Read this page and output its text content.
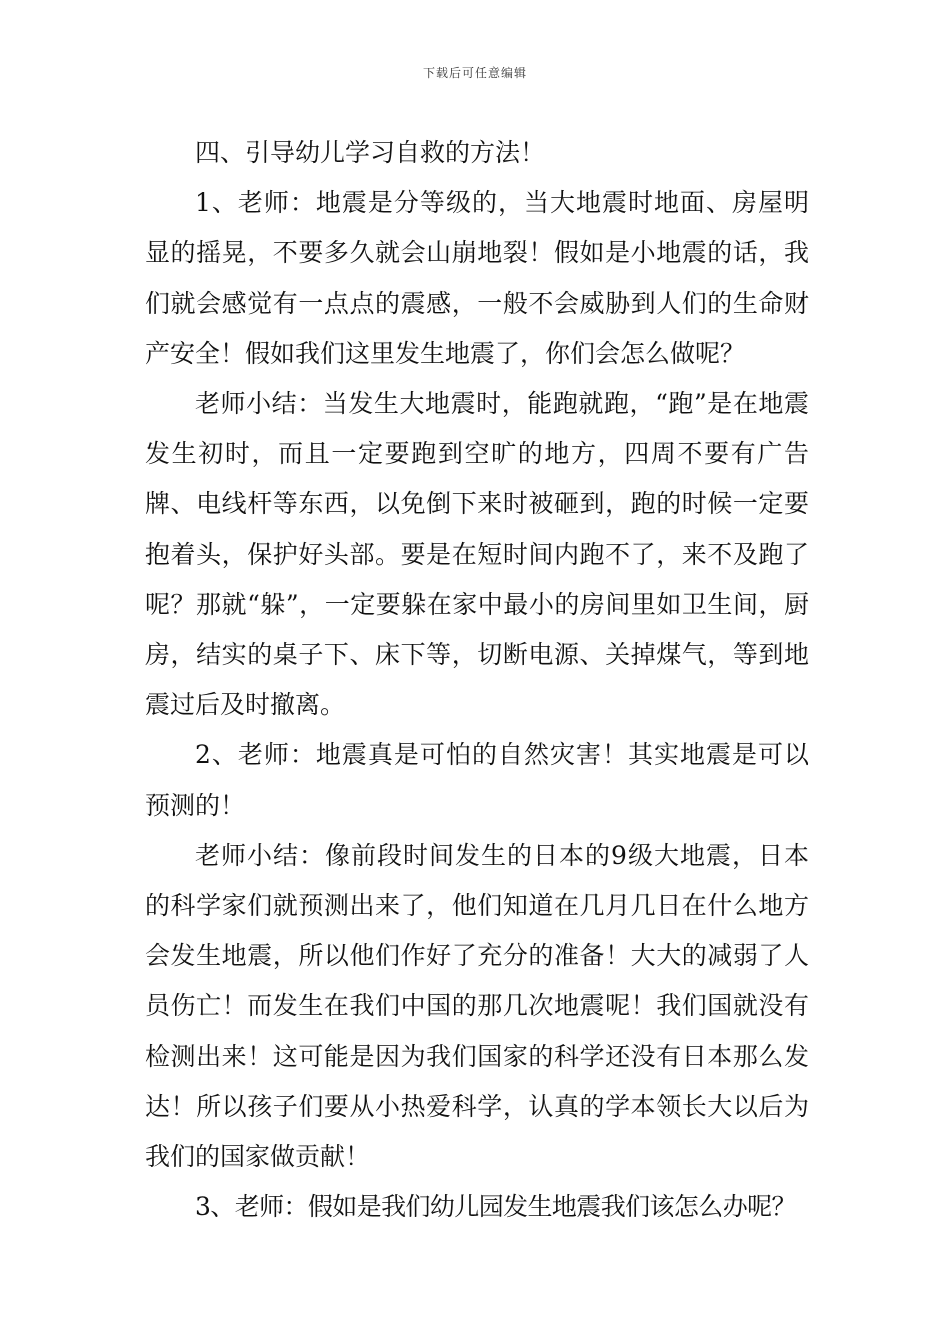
下载后可任意编辑

四、引导幼儿学习自救的方法！

1、老师：地震是分等级的，当大地震时地面、房屋明显的摇晃，不要多久就会山崩地裂！假如是小地震的话，我们就会感觉有一点点的震感，一般不会威胁到人们的生命财产安全！假如我们这里发生地震了，你们会怎么做呢？

老师小结：当发生大地震时，能跑就跑，“跑”是在地震发生初时，而且一定要跑到空旷的地方，四周不要有广告牌、电线杆等东西，以免倒下来时被砸到，跑的时候一定要抱着头，保护好头部。要是在短时间内跑不了，来不及跑了呢？那就“躲”，一定要躲在家中最小的房间里如卫生间，厨房，结实的桌子下、床下等，切断电源、关掉煤气，等到地震过后及时撤离。

2、老师：地震真是可怕的自然灾害！其实地震是可以预测的！

老师小结：像前段时间发生的日本的9级大地震，日本的科学家们就预测出来了，他们知道在几月几日在什么地方会发生地震，所以他们作好了充分的准备！大大的减弱了人员伤亡！而发生在我们中国的那几次地震呢！我们国就没有检测出来！这可能是因为我们国家的科学还没有日本那么发达！所以孩子们要从小热爱科学，认真的学本领长大以后为我们的国家做贡献！

3、老师：假如是我们幼儿园发生地震我们该怎么办呢？
